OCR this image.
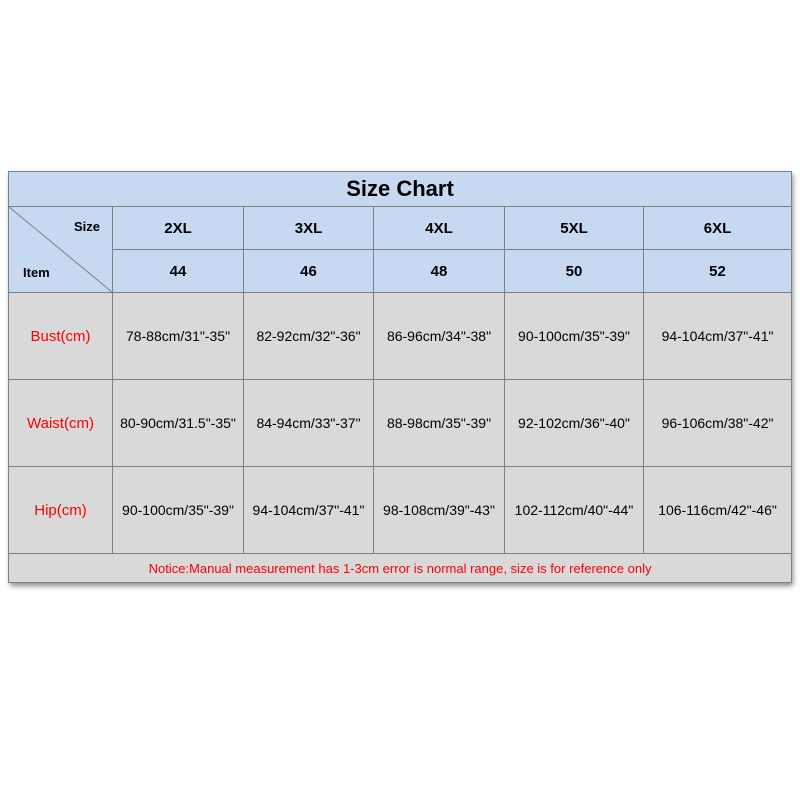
Size Chart					

Size
Item	2XL	3XL	4XL	5XL	6XL
	44	46	48	50	52
Bust(cm)	78-88cm/31"-35"	82-92cm/32"-36"	86-96cm/34"-38"	90-100cm/35"-39"	94-104cm/37"-41"
Waist(cm)	80-90cm/31.5"-35"	84-94cm/33"-37"	88-98cm/35"-39"	92-102cm/36"-40"	96-106cm/38"-42"
Hip(cm)	90-100cm/35"-39"	94-104cm/37"-41"	98-108cm/39"-43"	102-112cm/40"-44"	106-116cm/42"-46"
Notice:Manual measurement has 1-3cm error is normal range, size is for reference only					
